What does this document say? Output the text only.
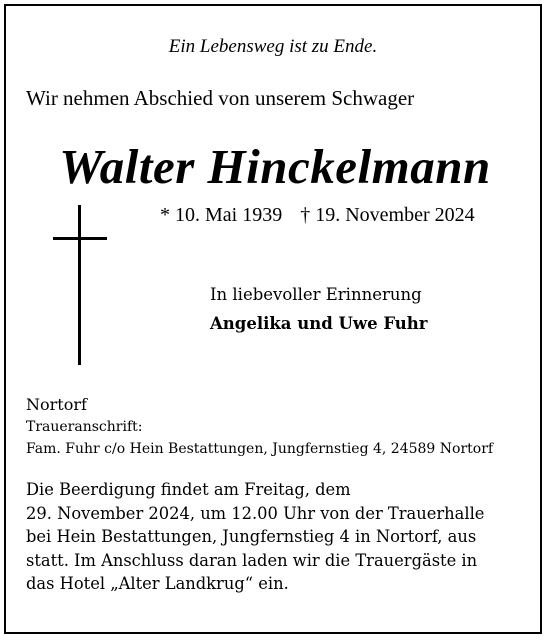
Ein Lebensweg ist zu Ende.
Wir nehmen Abschied von unserem Schwager
Walter Hinckelmann
* 10. Mai 1939 † 19. November 2024
In liebevoller Erinnerung
Angelika und Uwe Fuhr
Nortorf
Traueranschrift:
Fam. Fuhr c/o Hein Bestattungen, Jungfernstieg 4, 24589 Nortorf
Die Beerdigung findet am Freitag, dem
29. November 2024, um 12.00 Uhr von der Trauerhalle
bei Hein Bestattungen, Jungfernstieg 4 in Nortorf, aus
statt. Im Anschluss daran laden wir die Trauergäste in
das Hotel „Alter Landkrug“ ein.
